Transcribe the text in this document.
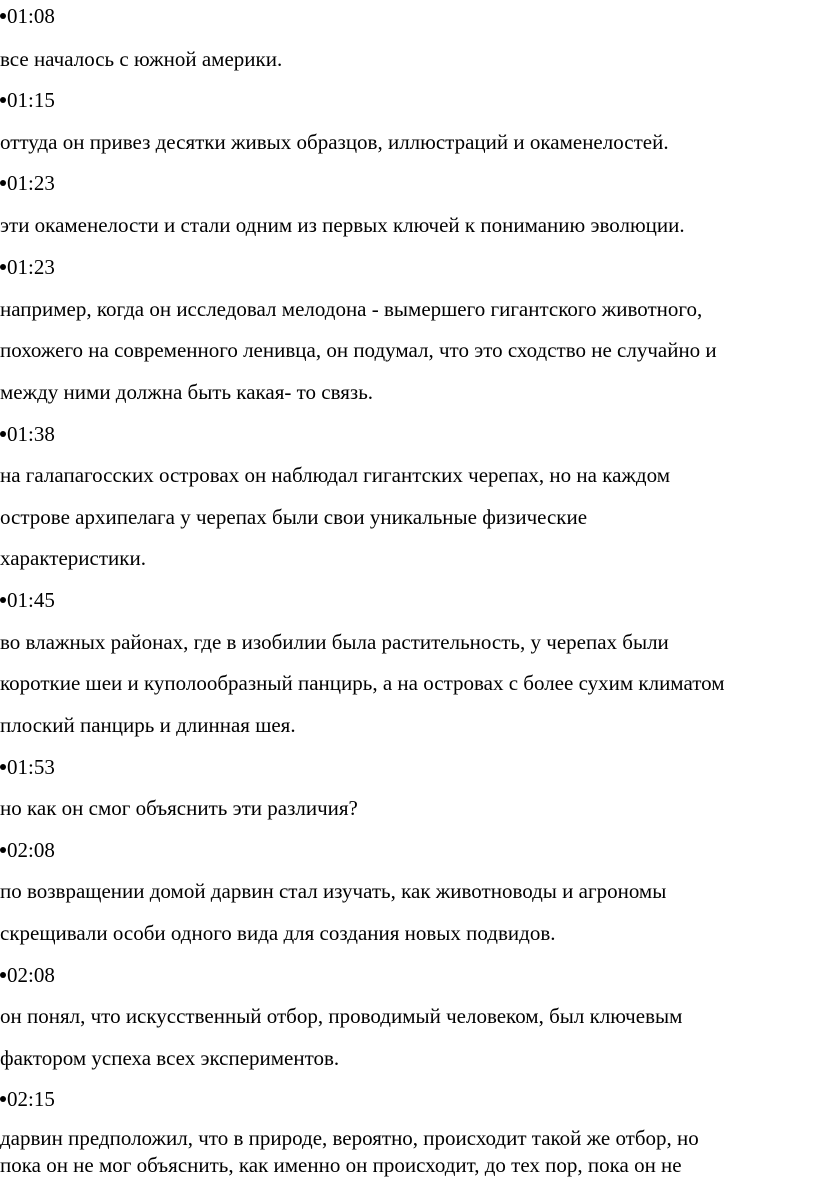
01:08
все началось с южной америки.
01:15
оттуда он привез десятки живых образцов, иллюстраций и окаменелостей.
01:23
эти окаменелости и стали одним из первых ключей к пониманию эволюции.
01:23
например, когда он исследовал мелодона - вымершего гигантского животного,
похожего на современного ленивца, он подумал, что это сходство не случайно и
между ними должна быть какая- то связь.
01:38
на галапагосских островах он наблюдал гигантских черепах, но на каждом
острове архипелага у черепах были свои уникальные физические
характеристики.
01:45
во влажных районах, где в изобилии была растительность, у черепах были
короткие шеи и куполообразный панцирь, а на островах с более сухим климатом
плоский панцирь и длинная шея.
01:53
но как он смог объяснить эти различия?
02:08
по возвращении домой дарвин стал изучать, как животноводы и агрономы
скрещивали особи одного вида для создания новых подвидов.
02:08
он понял, что искусственный отбор, проводимый человеком, был ключевым
фактором успеха всех экспериментов.
02:15
дарвин предположил, что в природе, вероятно, происходит такой же отбор, но
пока он не мог объяснить, как именно он происходит, до тех пор, пока он не
